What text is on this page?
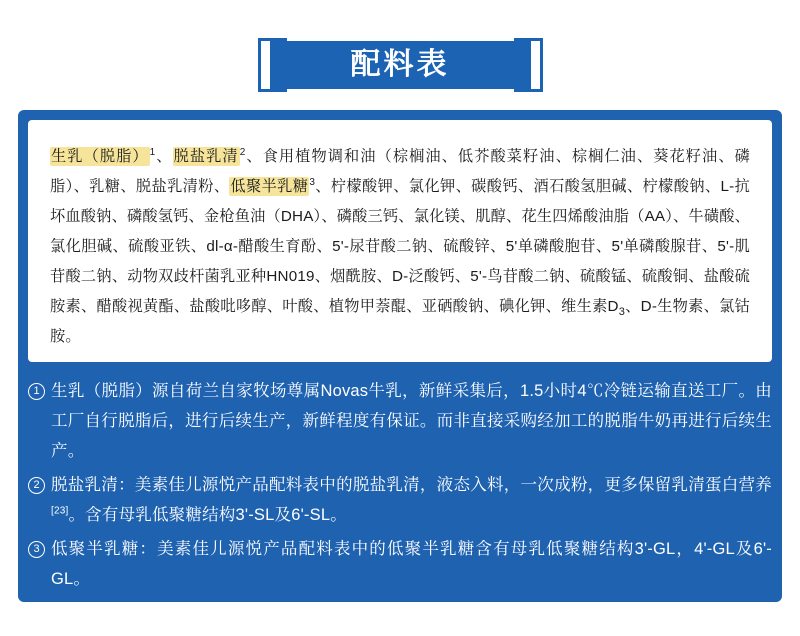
配料表
生乳（脱脂）$^1$、脱盐乳清$^2$、食用植物调和油（棕榈油、低芥酸菜籽油、棕榈仁油、葵花籽油、磷脂）、乳糖、脱盐乳清粉、低聚半乳糖$^3$、柠檬酸钾、氯化钾、碳酸钙、酒石酸氢胆碱、柠檬酸钠、L-抗坏血酸钠、磷酸氢钙、金枪鱼油（DHA）、磷酸三钙、氯化镁、肌醇、花生四烯酸油脂（AA）、牛磺酸、氯化胆碱、硫酸亚铁、dl-α-醋酸生育酚、5'-尿苷酸二钠、硫酸锌、5'单磷酸胞苷、5'单磷酸腺苷、5'-肌苷酸二钠、动物双歧杆菌乳亚种HN019、烟酰胺、D-泛酸钙、5'-鸟苷酸二钠、硫酸锰、硫酸铜、盐酸硫胺素、醋酸视黄酯、盐酸吡哆醇、叶酸、植物甲萘醌、亚硒酸钠、碘化钾、维生素$D_3$、D-生物素、氯钴胺。
1 生乳（脱脂）源自荷兰自家牧场尊属Novas牛乳，新鲜采集后，1.5小时4℃冷链运输直送工厂。由工厂自行脱脂后，进行后续生产，新鲜程度有保证。而非直接采购经加工的脱脂牛奶再进行后续生产。
2 脱盐乳清：美素佳儿源悦产品配料表中的脱盐乳清，液态入料，一次成粉，更多保留乳清蛋白营养[23]。含有母乳低聚糖结构3'-SL及6'-SL。
3 低聚半乳糖：美素佳儿源悦产品配料表中的低聚半乳糖含有母乳低聚糖结构3'-GL，4'-GL及6'-GL。
